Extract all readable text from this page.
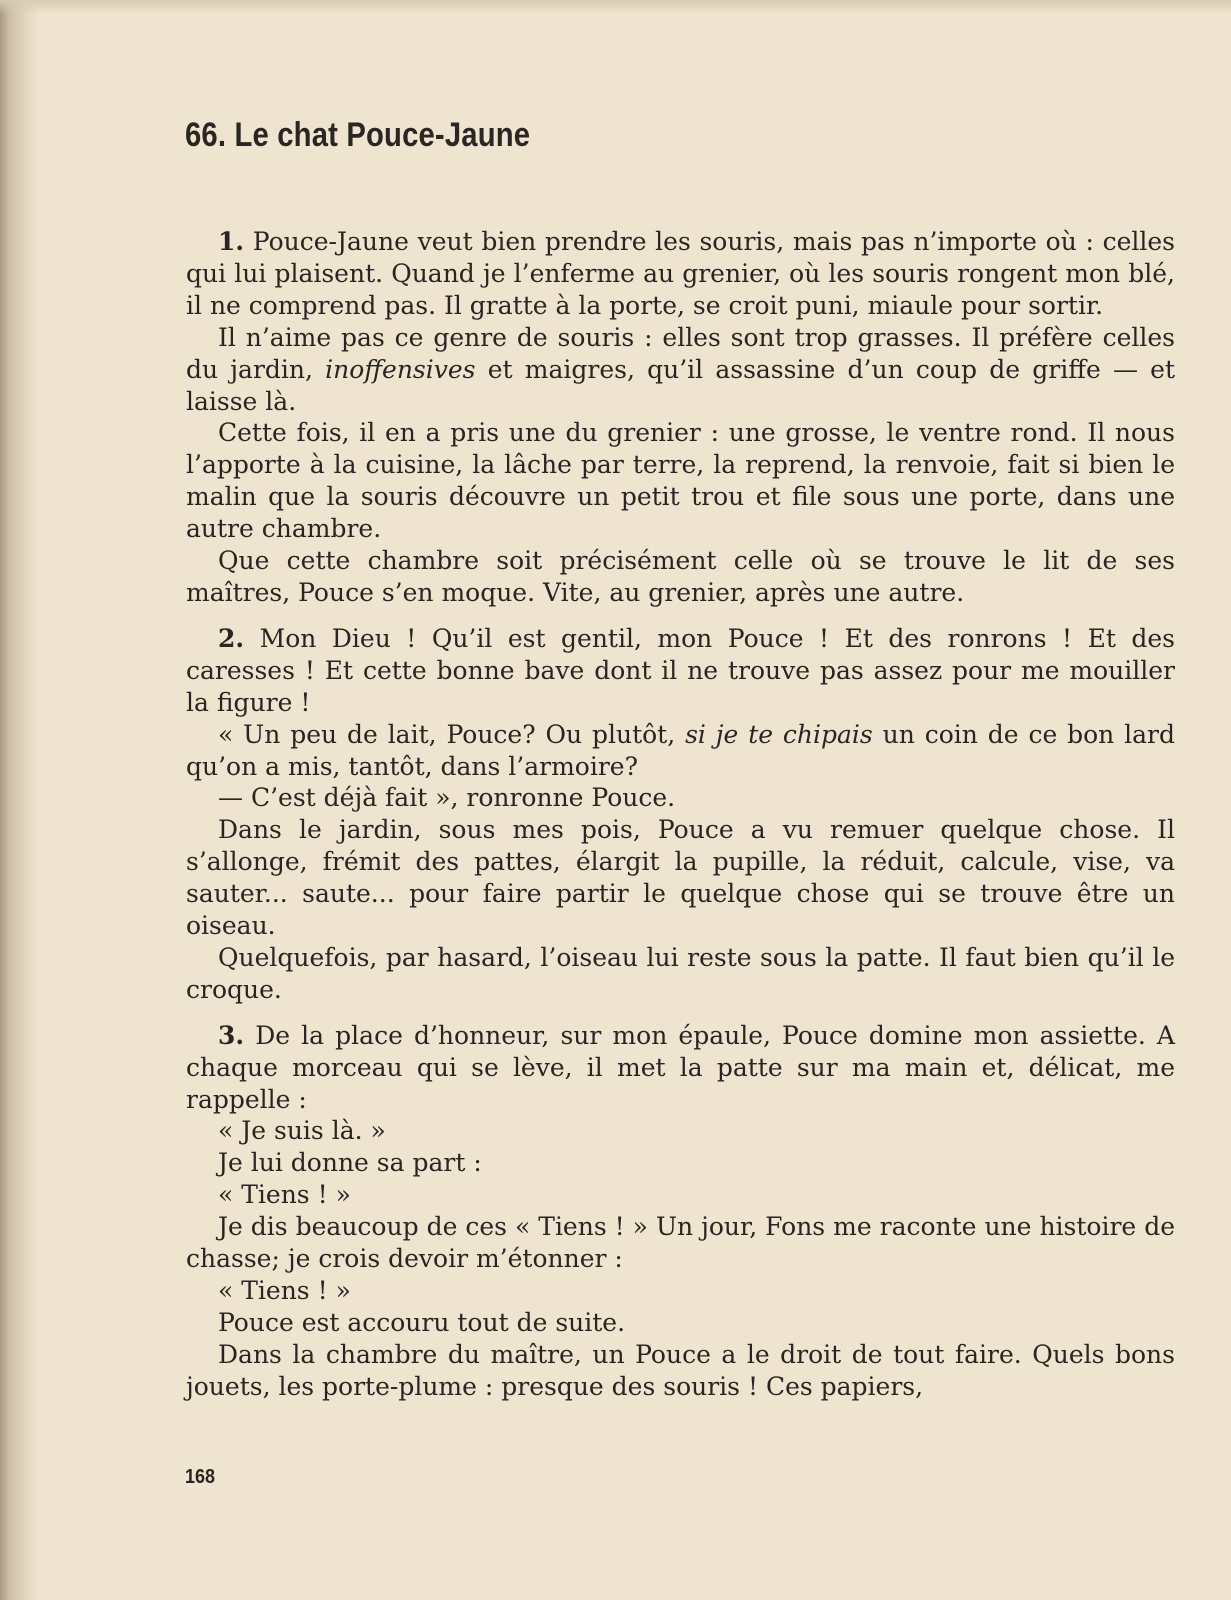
66. Le chat Pouce-Jaune

1. Pouce-Jaune veut bien prendre les souris, mais pas n’importe où : celles qui lui plaisent. Quand je l’enferme au grenier, où les souris rongent mon blé, il ne comprend pas. Il gratte à la porte, se croit puni, miaule pour sortir.

Il n’aime pas ce genre de souris : elles sont trop grasses. Il préfère celles du jardin, inoffensives et maigres, qu’il assassine d’un coup de griffe — et laisse là.

Cette fois, il en a pris une du grenier : une grosse, le ventre rond. Il nous l’apporte à la cuisine, la lâche par terre, la reprend, la renvoie, fait si bien le malin que la souris découvre un petit trou et file sous une porte, dans une autre chambre.

Que cette chambre soit précisément celle où se trouve le lit de ses maîtres, Pouce s’en moque. Vite, au grenier, après une autre.

2. Mon Dieu ! Qu’il est gentil, mon Pouce ! Et des ronrons ! Et des caresses ! Et cette bonne bave dont il ne trouve pas assez pour me mouiller la figure !

« Un peu de lait, Pouce? Ou plutôt, si je te chipais un coin de ce bon lard qu’on a mis, tantôt, dans l’armoire?

— C’est déjà fait », ronronne Pouce.

Dans le jardin, sous mes pois, Pouce a vu remuer quelque chose. Il s’allonge, frémit des pattes, élargit la pupille, la réduit, calcule, vise, va sauter... saute... pour faire partir le quelque chose qui se trouve être un oiseau.

Quelquefois, par hasard, l’oiseau lui reste sous la patte. Il faut bien qu’il le croque.

3. De la place d’honneur, sur mon épaule, Pouce domine mon assiette. A chaque morceau qui se lève, il met la patte sur ma main et, délicat, me rappelle :

« Je suis là. »

Je lui donne sa part :

« Tiens ! »

Je dis beaucoup de ces « Tiens ! » Un jour, Fons me raconte une histoire de chasse; je crois devoir m’étonner :

« Tiens ! »

Pouce est accouru tout de suite.

Dans la chambre du maître, un Pouce a le droit de tout faire. Quels bons jouets, les porte-plume : presque des souris ! Ces papiers,

168
